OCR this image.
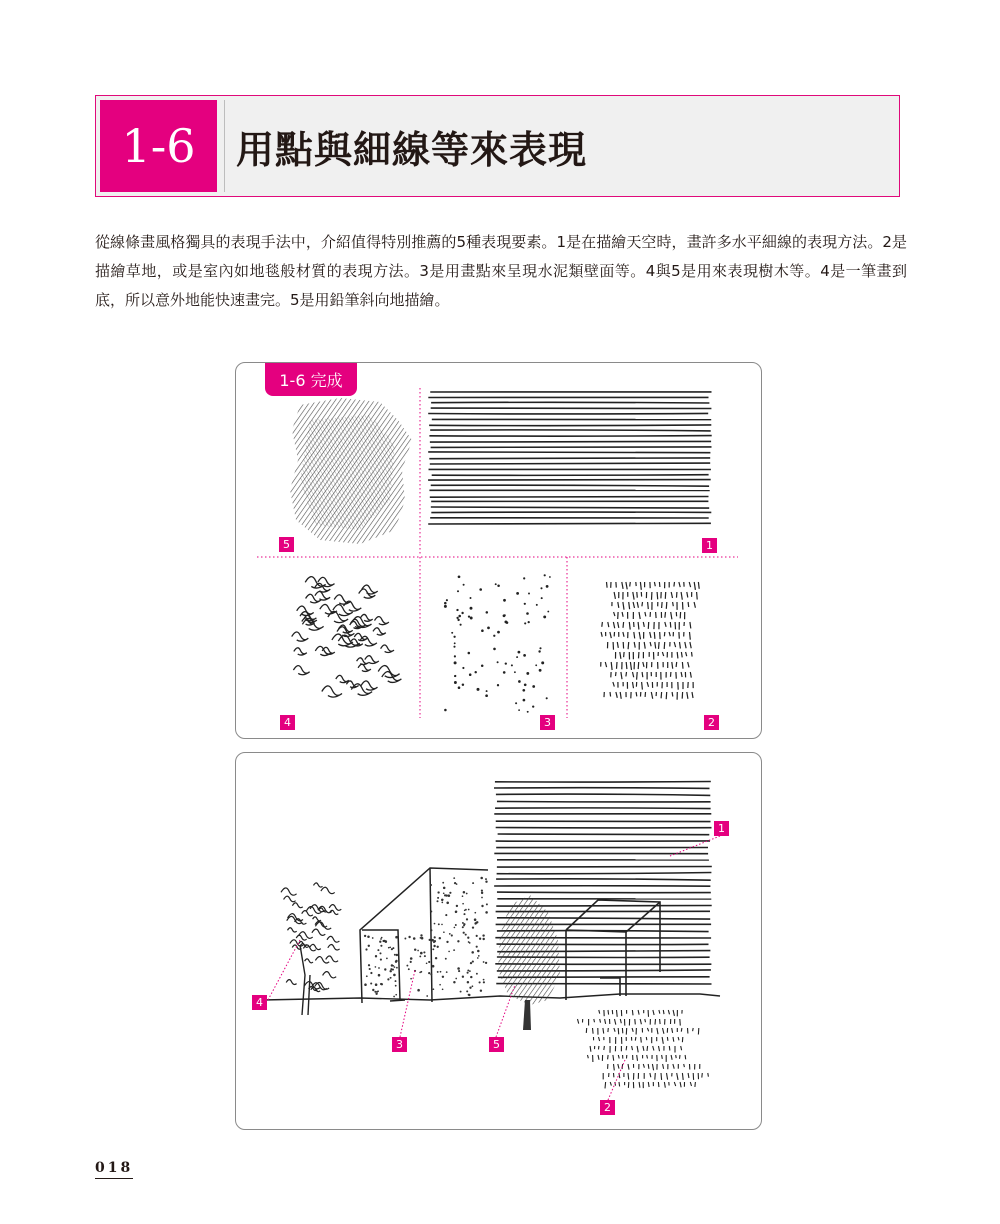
1-6	用點與細線等來表現
從線條畫風格獨具的表現手法中，介紹值得特別推薦的5種表現要素。1是在描繪天空時，畫許多水平細線的表現方法。2是描繪草地，或是室內如地毯般材質的表現方法。3是用畫點來呈現水泥類壁面等。4與5是用來表現樹木等。4是一筆畫到底，所以意外地能快速畫完。5是用鉛筆斜向地描繪。
1-6 完成
5	1
4	3	2
1
4
3	5
2
018
